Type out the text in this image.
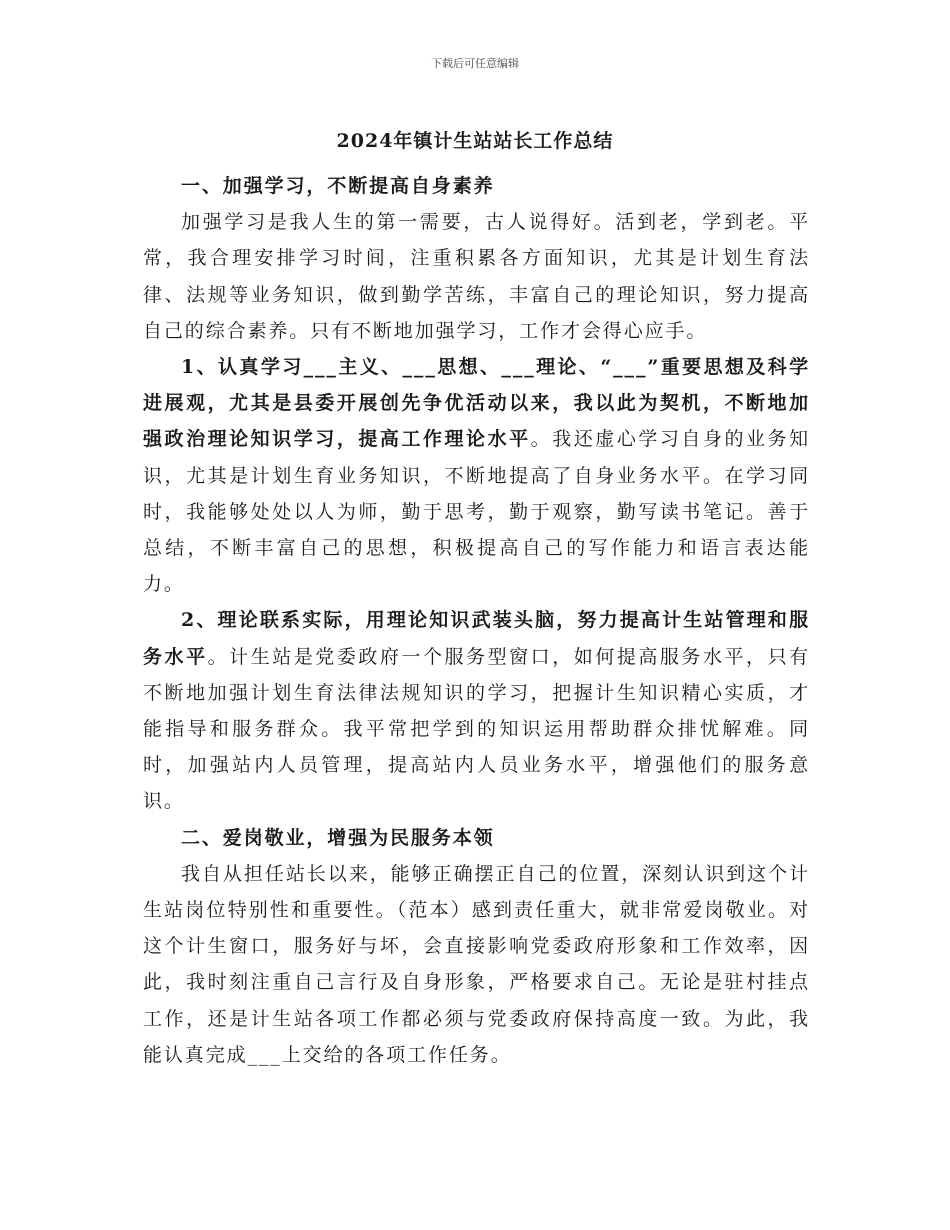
下载后可任意编辑
2024年镇计生站站长工作总结

一、加强学习，不断提高自身素养

加强学习是我人生的第一需要，古人说得好。活到老，学到老。平常，我合理安排学习时间，注重积累各方面知识，尤其是计划生育法律、法规等业务知识，做到勤学苦练，丰富自己的理论知识，努力提高自己的综合素养。只有不断地加强学习，工作才会得心应手。

1、认真学习___主义、___思想、___理论、“___”重要思想及科学进展观，尤其是县委开展创先争优活动以来，我以此为契机，不断地加强政治理论知识学习，提高工作理论水平。我还虚心学习自身的业务知识，尤其是计划生育业务知识，不断地提高了自身业务水平。在学习同时，我能够处处以人为师，勤于思考，勤于观察，勤写读书笔记。善于总结，不断丰富自己的思想，积极提高自己的写作能力和语言表达能力。

2、理论联系实际，用理论知识武装头脑，努力提高计生站管理和服务水平。计生站是党委政府一个服务型窗口，如何提高服务水平，只有不断地加强计划生育法律法规知识的学习，把握计生知识精心实质，才能指导和服务群众。我平常把学到的知识运用帮助群众排忧解难。同时，加强站内人员管理，提高站内人员业务水平，增强他们的服务意识。

二、爱岗敬业，增强为民服务本领

我自从担任站长以来，能够正确摆正自己的位置，深刻认识到这个计生站岗位特别性和重要性。（范本）感到责任重大，就非常爱岗敬业。对这个计生窗口，服务好与坏，会直接影响党委政府形象和工作效率，因此，我时刻注重自己言行及自身形象，严格要求自己。无论是驻村挂点工作，还是计生站各项工作都必须与党委政府保持高度一致。为此，我能认真完成___上交给的各项工作任务。
